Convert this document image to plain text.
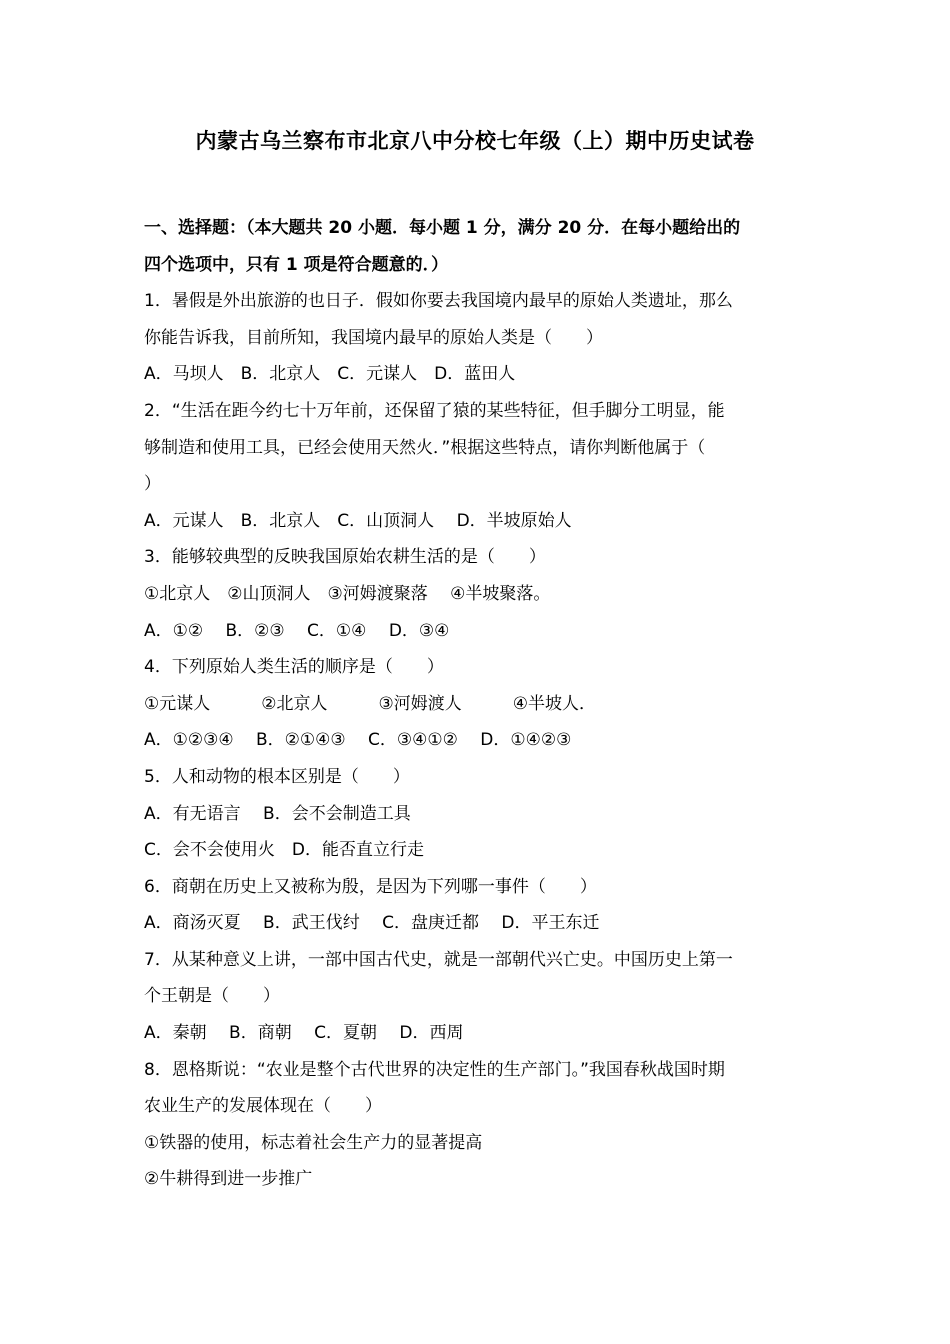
内蒙古乌兰察布市北京八中分校七年级（上）期中历史试卷
一、选择题：（本大题共 20 小题．每小题 1 分，满分 20 分．在每小题给出的
四个选项中，只有 1 项是符合题意的．）
1．暑假是外出旅游的也日子．假如你要去我国境内最早的原始人类遗址，那么
你能告诉我，目前所知，我国境内最早的原始人类是（　　）
A．马坝人　B．北京人　C．元谋人　D．蓝田人
2．“生活在距今约七十万年前，还保留了猿的某些特征，但手脚分工明显，能
够制造和使用工具，已经会使用天然火．”根据这些特点，请你判断他属于（
）
A．元谋人　B．北京人　C．山顶洞人　 D．半坡原始人
3．能够较典型的反映我国原始农耕生活的是（　　）
①北京人　②山顶洞人　③河姆渡聚落　 ④半坡聚落。
A．①②　 B．②③　 C．①④　 D．③④
4．下列原始人类生活的顺序是（　　）
①元谋人　　　②北京人　　　③河姆渡人　　　④半坡人．
A．①②③④　 B．②①④③　 C．③④①②　 D．①④②③
5．人和动物的根本区别是（　　）
A．有无语言　 B．会不会制造工具
C．会不会使用火　D．能否直立行走
6．商朝在历史上又被称为殷，是因为下列哪一事件（　　）
A．商汤灭夏　 B．武王伐纣　 C．盘庚迁都　 D．平王东迁
7．从某种意义上讲，一部中国古代史，就是一部朝代兴亡史。中国历史上第一
个王朝是（　　）
A．秦朝　 B．商朝　 C．夏朝　 D．西周
8．恩格斯说：“农业是整个古代世界的决定性的生产部门。”我国春秋战国时期
农业生产的发展体现在（　　）
①铁器的使用，标志着社会生产力的显著提高
②牛耕得到进一步推广
